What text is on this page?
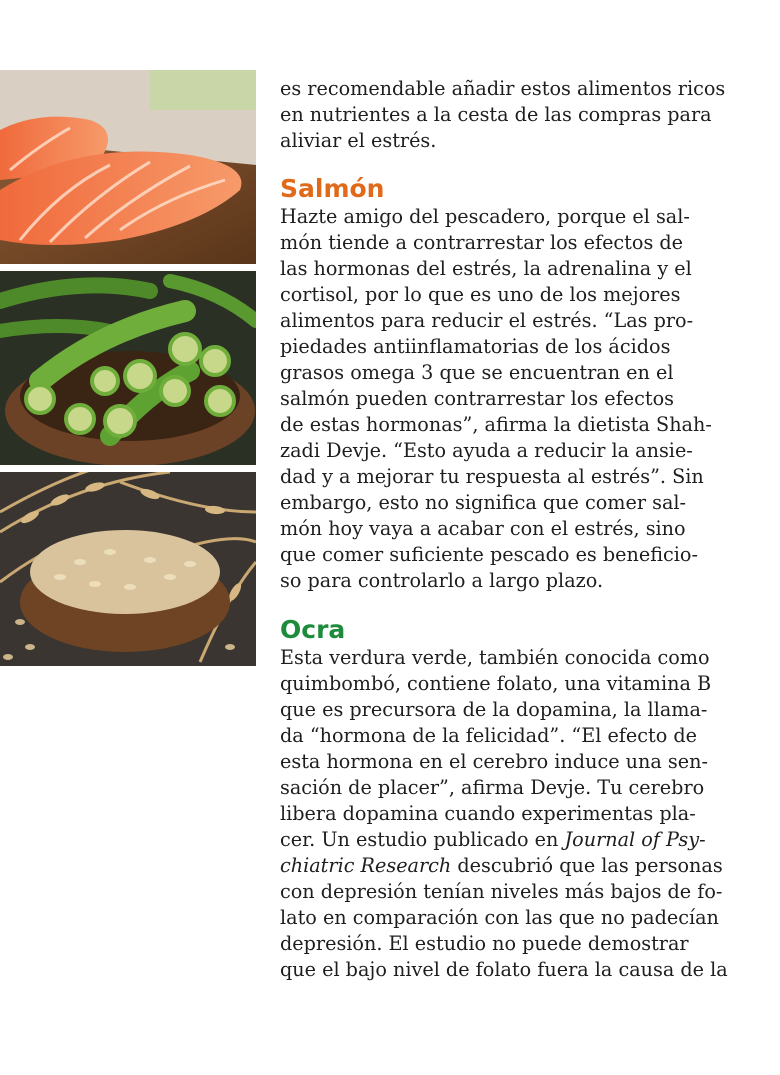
es recomendable añadir estos alimentos ricos
en nutrientes a la cesta de las compras para
aliviar el estrés.
Salmón
Hazte amigo del pescadero, porque el sal-
món tiende a contrarrestar los efectos de
las hormonas del estrés, la adrenalina y el
cortisol, por lo que es uno de los mejores
alimentos para reducir el estrés. “Las pro-
piedades antiinflamatorias de los ácidos
grasos omega 3 que se encuentran en el
salmón pueden contrarrestar los efectos
de estas hormonas”, afirma la dietista Shah-
zadi Devje. “Esto ayuda a reducir la ansie-
dad y a mejorar tu respuesta al estrés”. Sin
embargo, esto no significa que comer sal-
món hoy vaya a acabar con el estrés, sino
que comer suficiente pescado es beneficio-
so para controlarlo a largo plazo.
Ocra
Esta verdura verde, también conocida como
quimbombó, contiene folato, una vitamina B
que es precursora de la dopamina, la llama-
da “hormona de la felicidad”. “El efecto de
esta hormona en el cerebro induce una sen-
sación de placer”, afirma Devje. Tu cerebro
libera dopamina cuando experimentas pla-
cer. Un estudio publicado en Journal of Psy-
chiatric Research descubrió que las personas
con depresión tenían niveles más bajos de fo-
lato en comparación con las que no padecían
depresión. El estudio no puede demostrar
que el bajo nivel de folato fuera la causa de la
